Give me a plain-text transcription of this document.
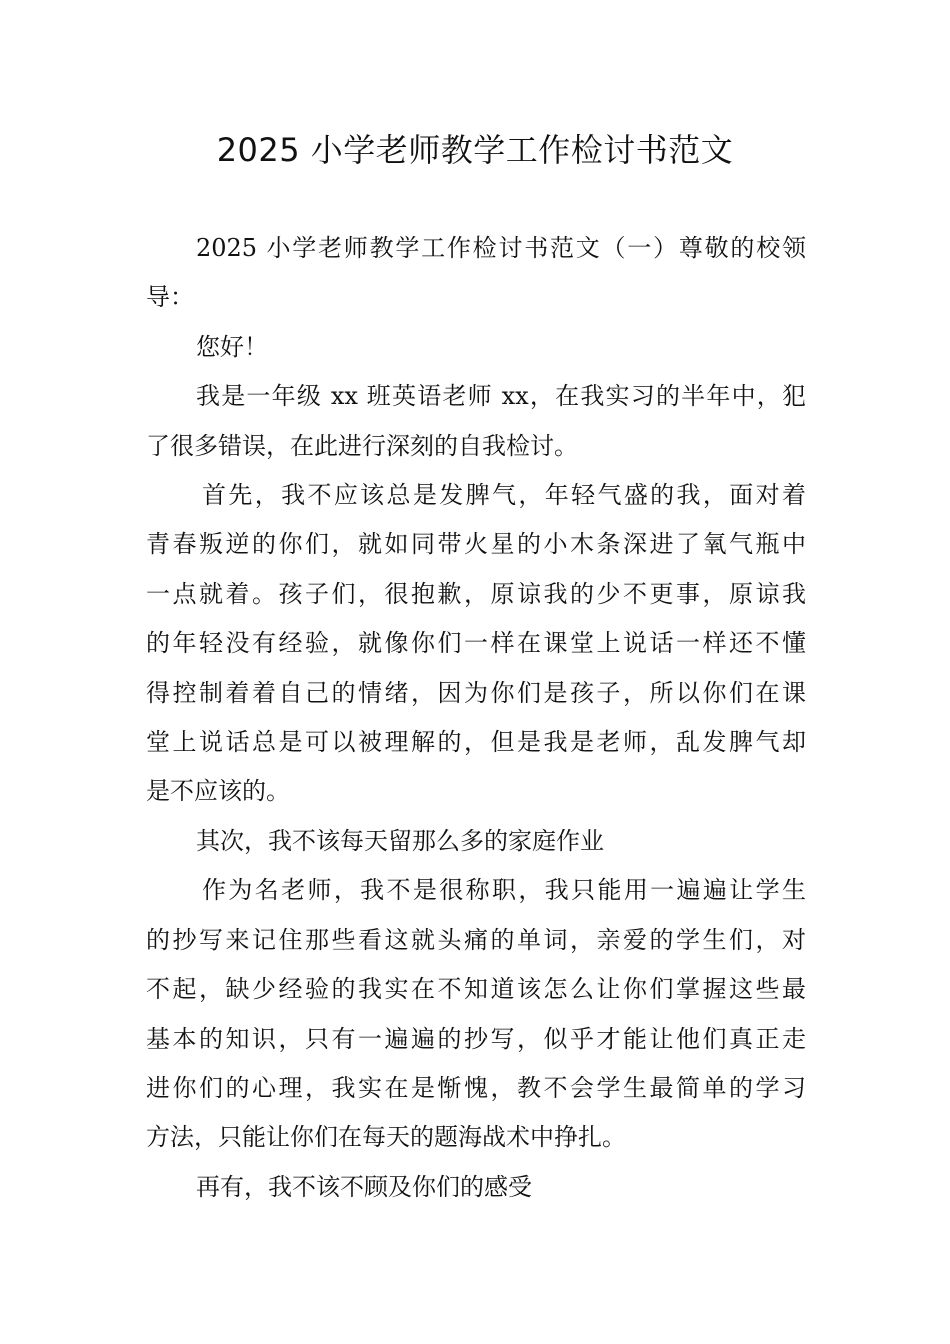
2025 小学老师教学工作检讨书范文
2025 小学老师教学工作检讨书范文（一）尊敬的校领
导：
您好！
我是一年级 xx 班英语老师 xx，在我实习的半年中，犯
了很多错误，在此进行深刻的自我检讨。
首先，我不应该总是发脾气，年轻气盛的我，面对着
青春叛逆的你们，就如同带火星的小木条深进了氧气瓶中
一点就着。孩子们，很抱歉，原谅我的少不更事，原谅我
的年轻没有经验，就像你们一样在课堂上说话一样还不懂
得控制着着自己的情绪，因为你们是孩子，所以你们在课
堂上说话总是可以被理解的，但是我是老师，乱发脾气却
是不应该的。
其次，我不该每天留那么多的家庭作业
作为名老师，我不是很称职，我只能用一遍遍让学生
的抄写来记住那些看这就头痛的单词，亲爱的学生们，对
不起，缺少经验的我实在不知道该怎么让你们掌握这些最
基本的知识，只有一遍遍的抄写，似乎才能让他们真正走
进你们的心理，我实在是惭愧，教不会学生最简单的学习
方法，只能让你们在每天的题海战术中挣扎。
再有，我不该不顾及你们的感受
